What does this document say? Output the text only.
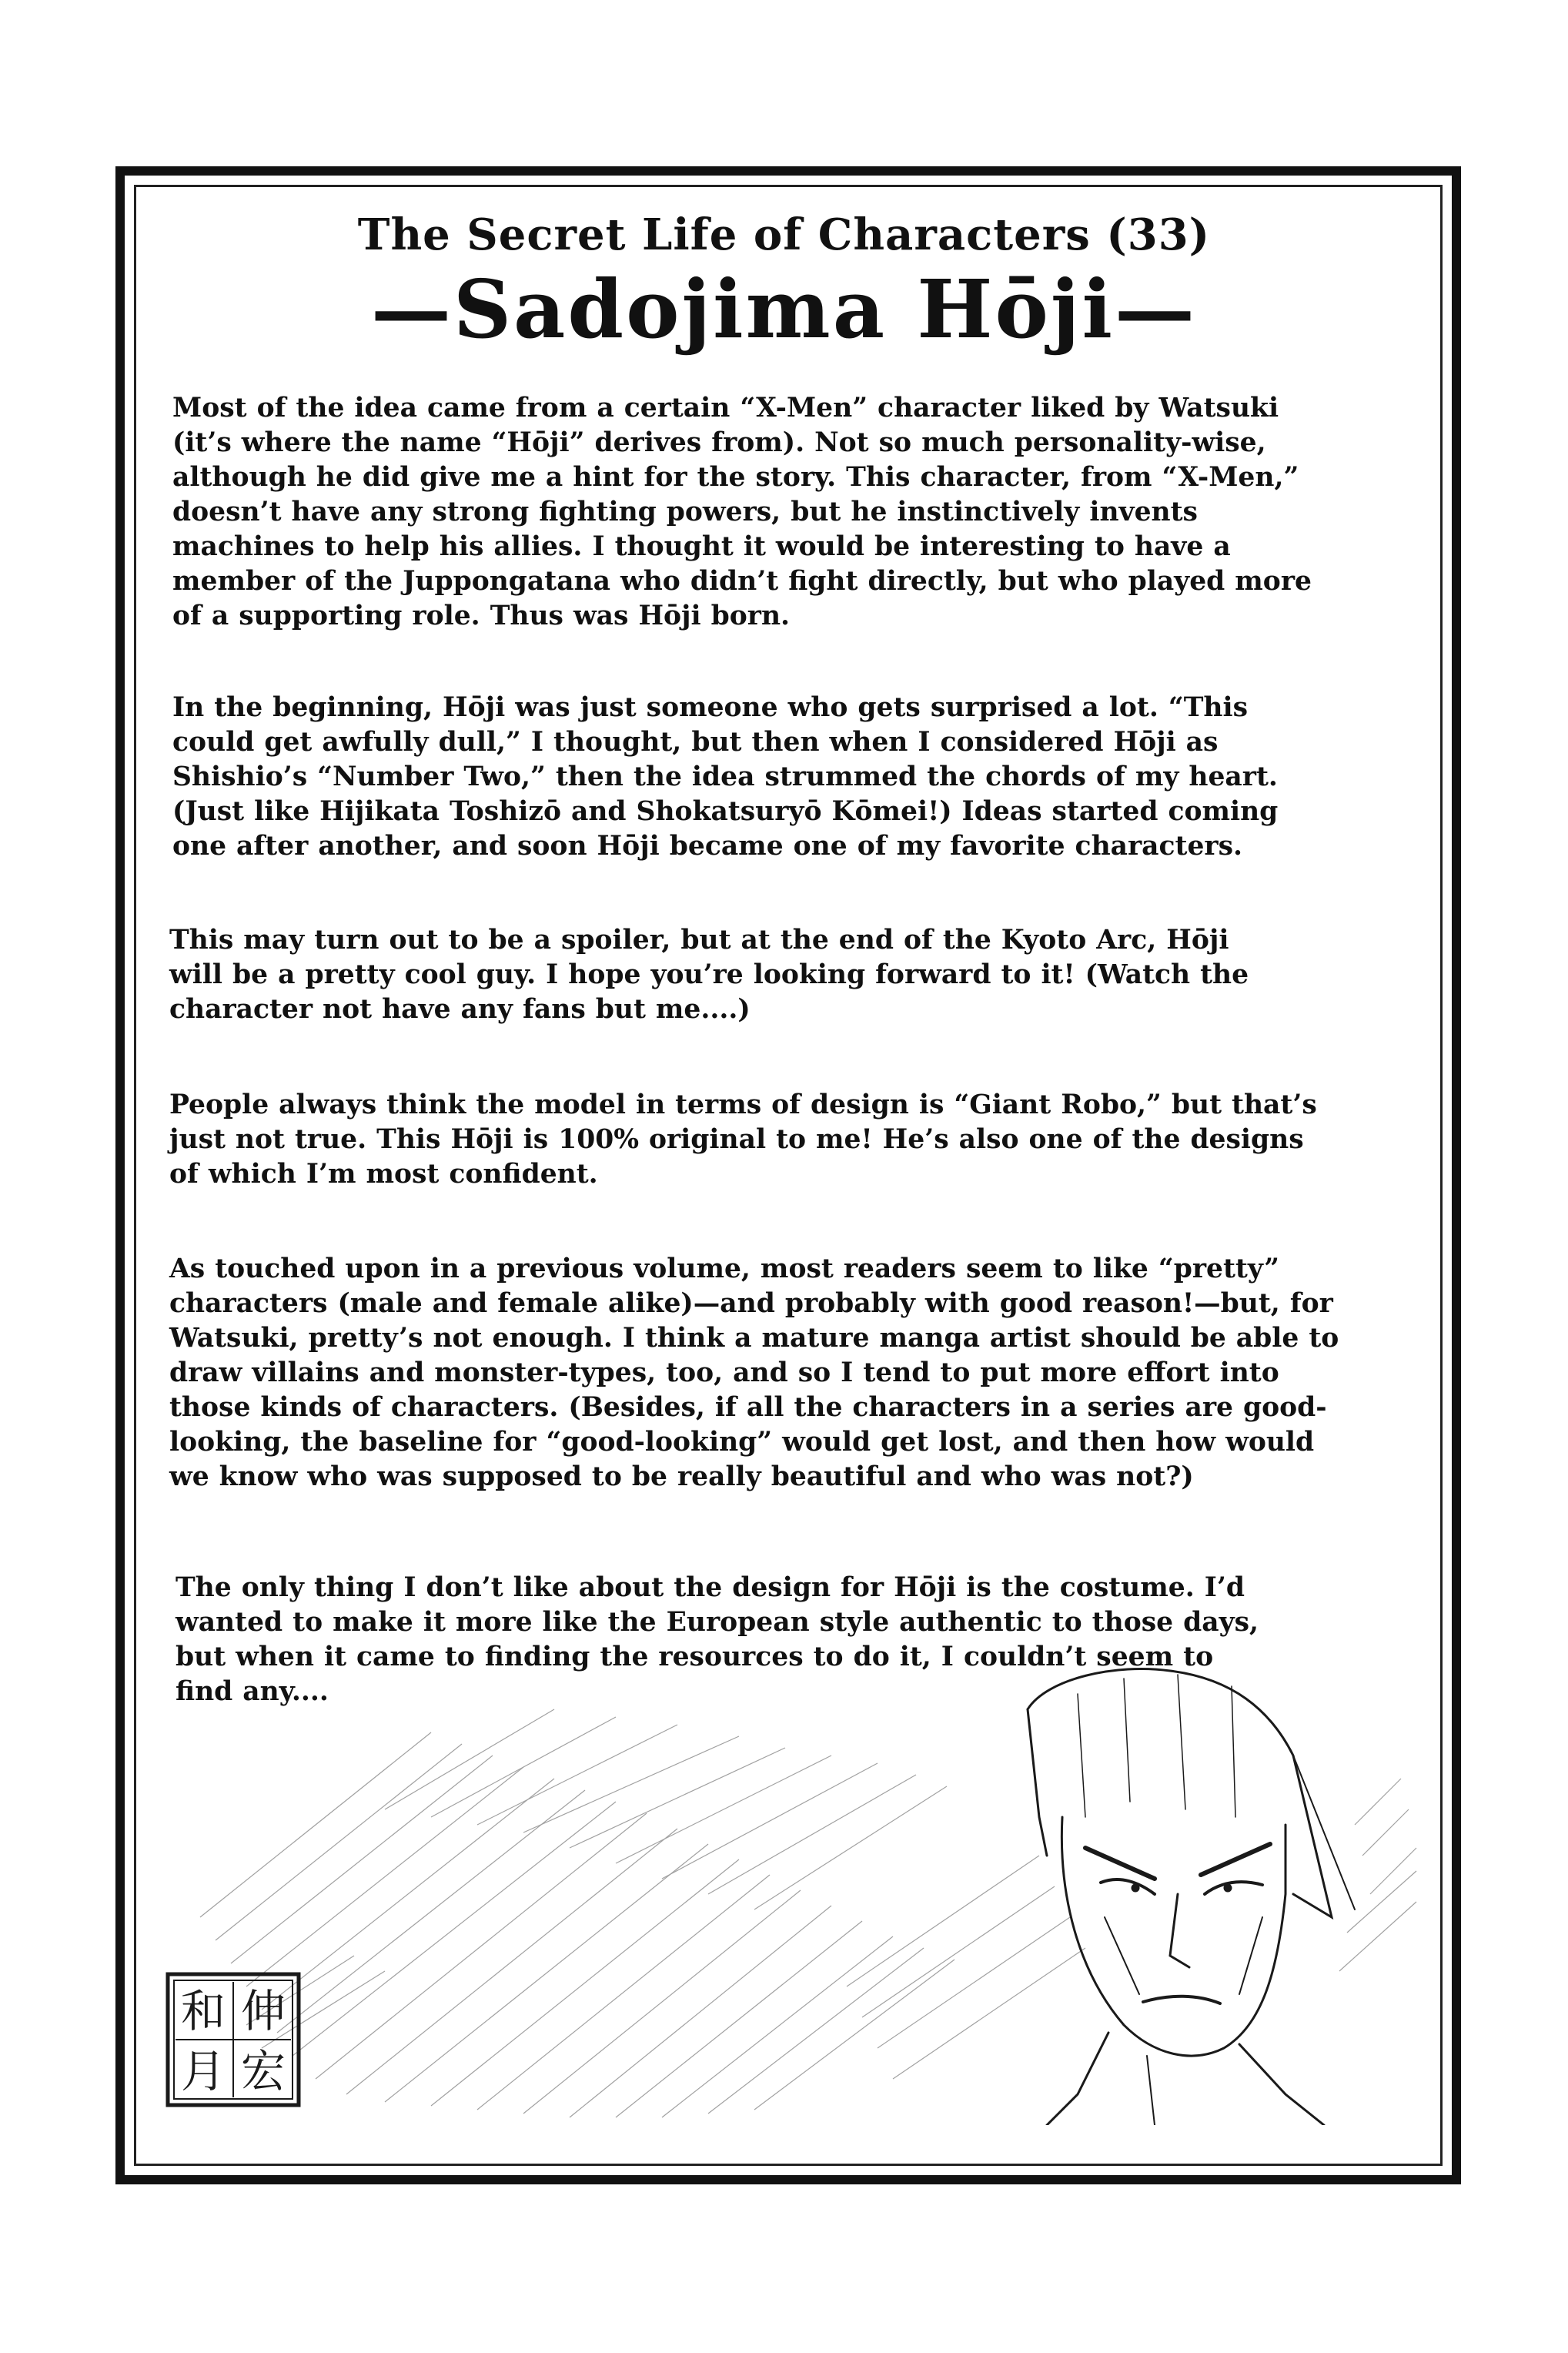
The Secret Life of Characters (33)
—Sadojima Hōji—

Most of the idea came from a certain “X-Men” character liked by Watsuki
(it’s where the name “Hōji” derives from). Not so much personality-wise,
although he did give me a hint for the story. This character, from “X-Men,”
doesn’t have any strong fighting powers, but he instinctively invents
machines to help his allies. I thought it would be interesting to have a
member of the Juppongatana who didn’t fight directly, but who played more
of a supporting role. Thus was Hōji born.

In the beginning, Hōji was just someone who gets surprised a lot. “This
could get awfully dull,” I thought, but then when I considered Hōji as
Shishio’s “Number Two,” then the idea strummed the chords of my heart.
(Just like Hijikata Toshizō and Shokatsuryō Kōmei!) Ideas started coming
one after another, and soon Hōji became one of my favorite characters.

This may turn out to be a spoiler, but at the end of the Kyoto Arc, Hōji
will be a pretty cool guy. I hope you’re looking forward to it! (Watch the
character not have any fans but me....)

People always think the model in terms of design is “Giant Robo,” but that’s
just not true. This Hōji is 100% original to me! He’s also one of the designs
of which I’m most confident.

As touched upon in a previous volume, most readers seem to like “pretty”
characters (male and female alike)—and probably with good reason!—but, for
Watsuki, pretty’s not enough. I think a mature manga artist should be able to
draw villains and monster-types, too, and so I tend to put more effort into
those kinds of characters. (Besides, if all the characters in a series are good-
looking, the baseline for “good-looking” would get lost, and then how would
we know who was supposed to be really beautiful and who was not?)

The only thing I don’t like about the design for Hōji is the costume. I’d
wanted to make it more like the European style authentic to those days,
but when it came to finding the resources to do it, I couldn’t seem to
find any....

伸
宏
和
月
